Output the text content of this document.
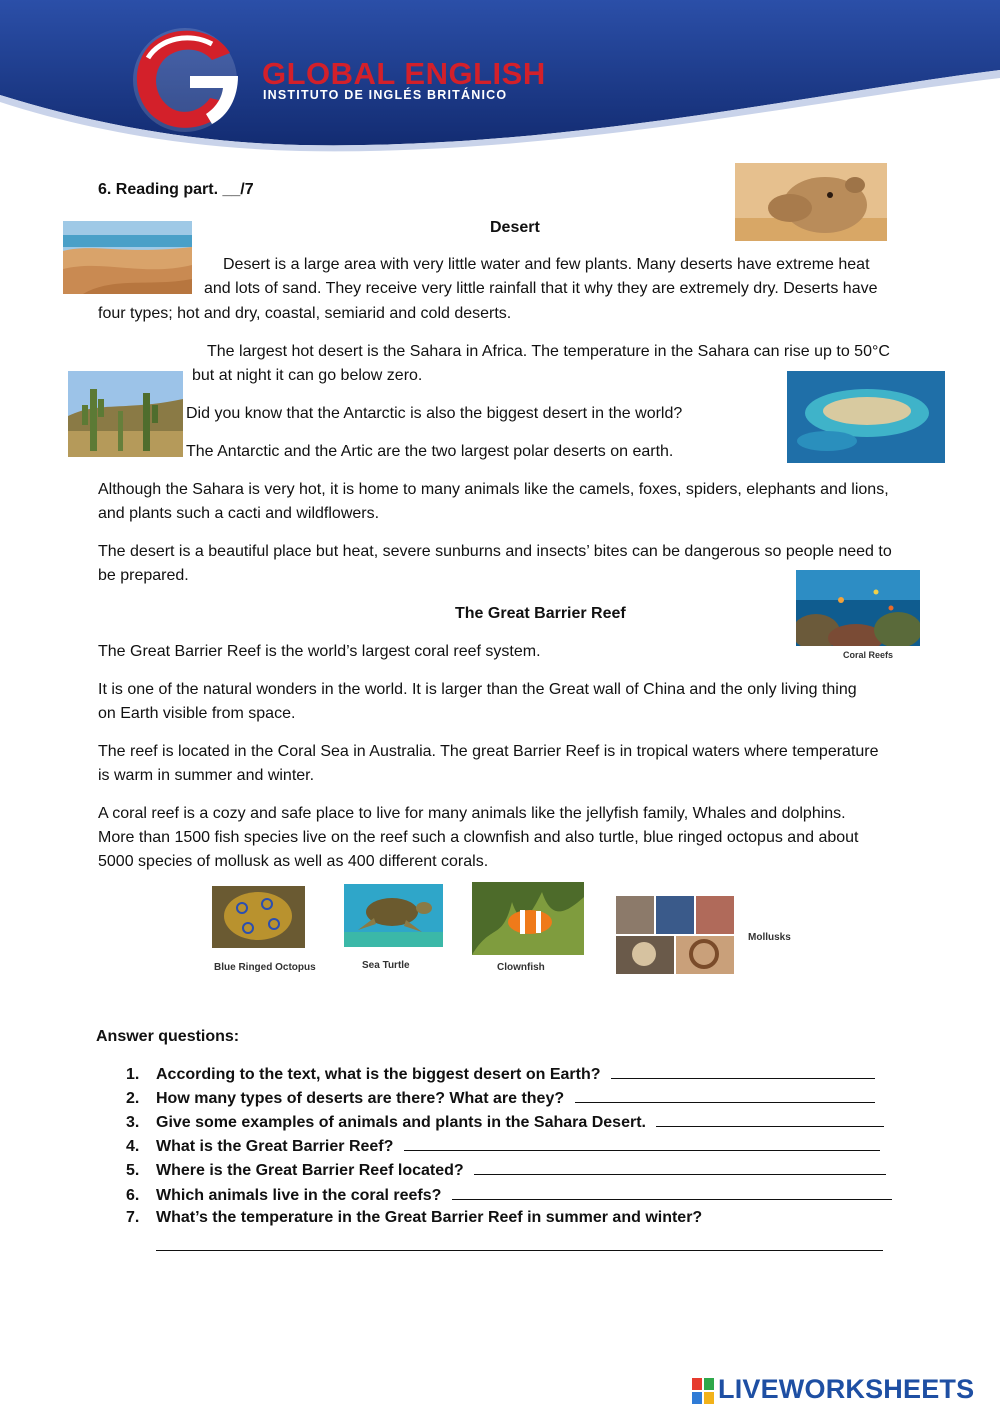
GLOBAL ENGLISH
INSTITUTO DE INGLÉS BRITÁNICO
6. Reading part. __/7
Desert
Desert is a large area with very little water and few plants. Many deserts have extreme heat
and lots of sand. They receive very little rainfall that it why they are extremely dry. Deserts have
four types; hot and dry, coastal, semiarid and cold deserts.
The largest hot desert is the Sahara in Africa. The temperature in the Sahara can rise up to 50°C
but at night it can go below zero.
Did you know that the Antarctic is also the biggest desert in the world?
The Antarctic and the Artic are the two largest polar deserts on earth.
Although the Sahara is very hot, it is home to many animals like the camels, foxes, spiders, elephants and lions,
and plants such a cacti and wildflowers.
The desert is a beautiful place but heat, severe sunburns and insects’ bites can be dangerous so people need to
be prepared.
Coral Reefs
The Great Barrier Reef
The Great Barrier Reef is the world’s largest coral reef system.
It is one of the natural wonders in the world. It is larger than the Great wall of China and the only living thing
on Earth visible from space.
The reef is located in the Coral Sea in Australia. The great Barrier Reef is in tropical waters where temperature
is warm in summer and winter.
A coral reef is a cozy and safe place to live for many animals like the jellyfish family, Whales and dolphins.
More than 1500 fish species live on the reef such a clownfish and also turtle, blue ringed octopus and about
5000 species of mollusk as well as 400 different corals.
Blue Ringed Octopus	Sea Turtle	Clownfish
Mollusks
Answer questions:
1. According to the text, what is the biggest desert on Earth?
2. How many types of deserts are there? What are they?
3. Give some examples of animals and plants in the Sahara Desert.
4. What is the Great Barrier Reef?
5. Where is the Great Barrier Reef located?
6. Which animals live in the coral reefs?
7. What’s the temperature in the Great Barrier Reef in summer and winter?
LIVEWORKSHEETS
